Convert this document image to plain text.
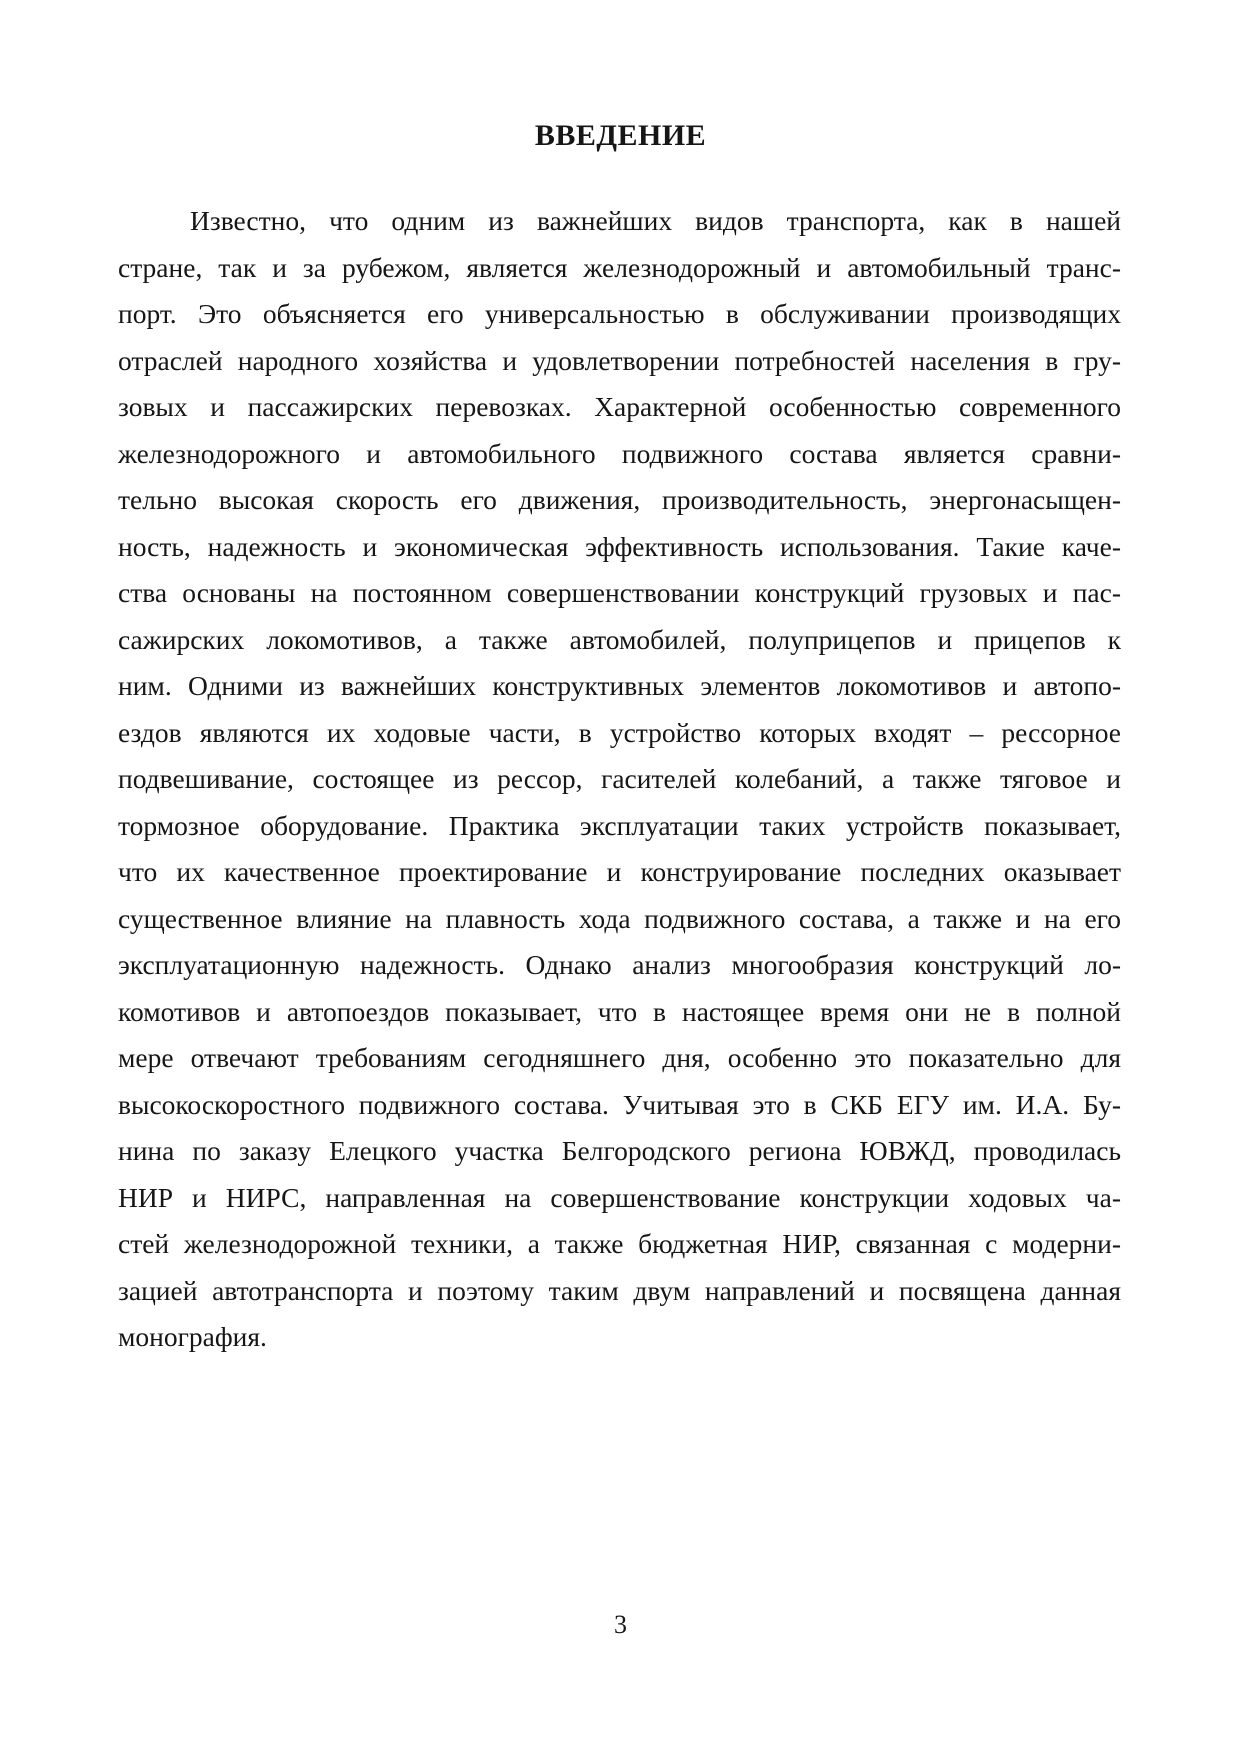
ВВЕДЕНИЕ
Известно, что одним из важнейших видов транспорта, как в нашей
стране, так и за рубежом, является железнодорожный и автомобильный транс-
порт. Это объясняется его универсальностью в обслуживании производящих
отраслей народного хозяйства и удовлетворении потребностей населения в гру-
зовых и пассажирских перевозках. Характерной особенностью современного
железнодорожного и автомобильного подвижного состава является сравни-
тельно высокая скорость его движения, производительность, энергонасыщен-
ность, надежность и экономическая эффективность использования. Такие каче-
ства основаны на постоянном совершенствовании конструкций грузовых и пас-
сажирских локомотивов, а также автомобилей, полуприцепов и прицепов к
ним. Одними из важнейших конструктивных элементов локомотивов и автопо-
ездов являются их ходовые части, в устройство которых входят – рессорное
подвешивание, состоящее из рессор, гасителей колебаний, а также тяговое и
тормозное оборудование. Практика эксплуатации таких устройств показывает,
что их качественное проектирование и конструирование последних оказывает
существенное влияние на плавность хода подвижного состава, а также и на его
эксплуатационную надежность. Однако анализ многообразия конструкций ло-
комотивов и автопоездов показывает, что в настоящее время они не в полной
мере отвечают требованиям сегодняшнего дня, особенно это показательно для
высокоскоростного подвижного состава. Учитывая это в СКБ ЕГУ им. И.А. Бу-
нина по заказу Елецкого участка Белгородского региона ЮВЖД, проводилась
НИР и НИРС, направленная на совершенствование конструкции ходовых ча-
стей железнодорожной техники, а также бюджетная НИР, связанная с модерни-
зацией автотранспорта и поэтому таким двум направлений и посвящена данная
монография.
3
